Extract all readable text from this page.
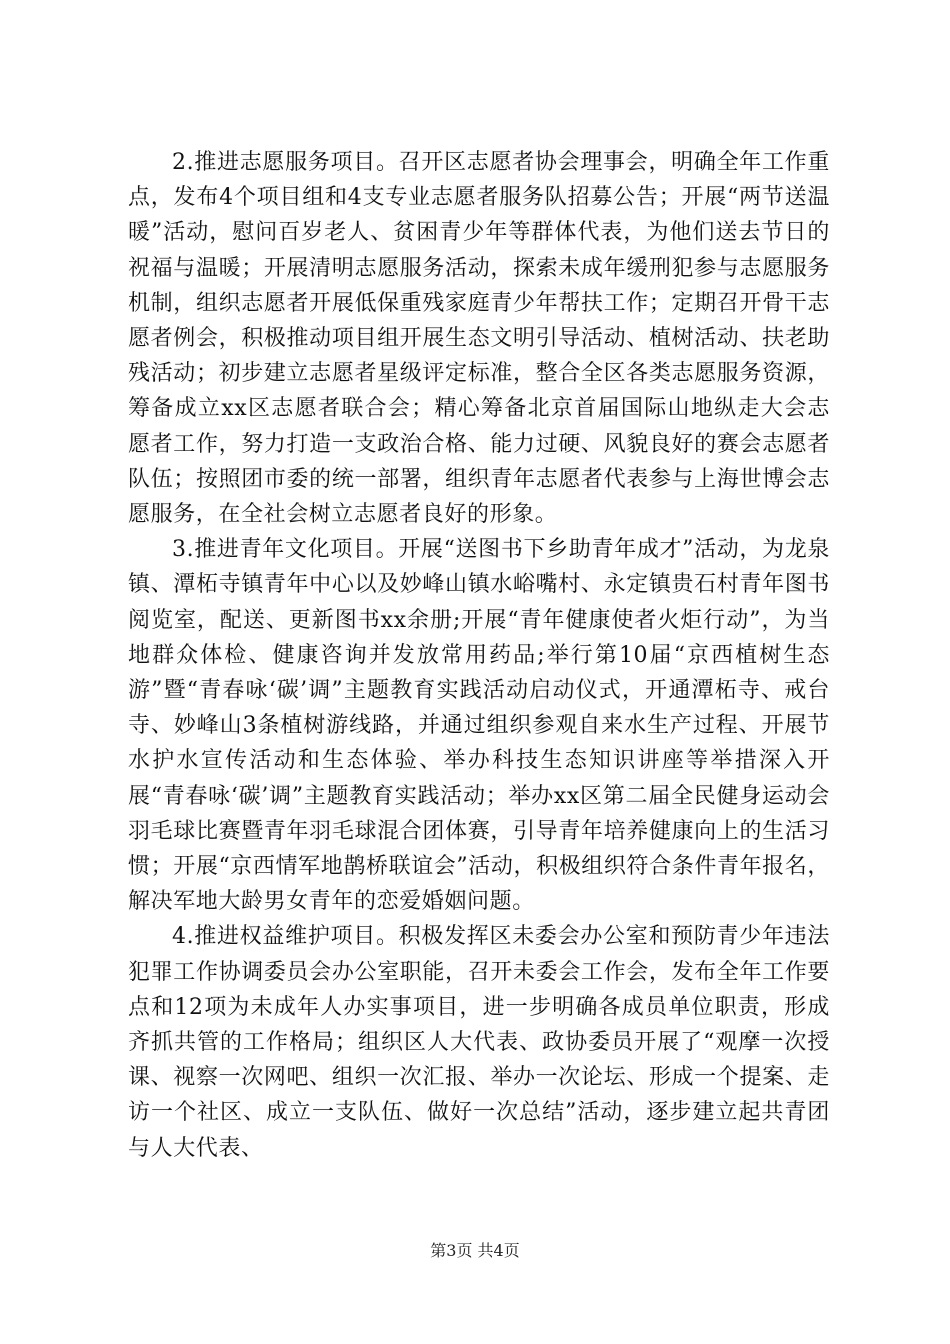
2.推进志愿服务项目。召开区志愿者协会理事会，明确全年工作重点，发布4个项目组和4支专业志愿者服务队招募公告；开展“两节送温暖”活动，慰问百岁老人、贫困青少年等群体代表，为他们送去节日的祝福与温暖；开展清明志愿服务活动，探索未成年缓刑犯参与志愿服务机制，组织志愿者开展低保重残家庭青少年帮扶工作；定期召开骨干志愿者例会，积极推动项目组开展生态文明引导活动、植树活动、扶老助残活动；初步建立志愿者星级评定标准，整合全区各类志愿服务资源，筹备成立xx区志愿者联合会；精心筹备北京首届国际山地纵走大会志愿者工作，努力打造一支政治合格、能力过硬、风貌良好的赛会志愿者队伍；按照团市委的统一部署，组织青年志愿者代表参与上海世博会志愿服务，在全社会树立志愿者良好的形象。

3.推进青年文化项目。开展“送图书下乡助青年成才”活动，为龙泉镇、潭柘寺镇青年中心以及妙峰山镇水峪嘴村、永定镇贵石村青年图书阅览室，配送、更新图书xx余册;开展“青年健康使者火炬行动”，为当地群众体检、健康咨询并发放常用药品;举行第10届“京西植树生态游”暨“青春咏‘碳’调”主题教育实践活动启动仪式，开通潭柘寺、戒台寺、妙峰山3条植树游线路，并通过组织参观自来水生产过程、开展节水护水宣传活动和生态体验、举办科技生态知识讲座等举措深入开展“青春咏‘碳’调”主题教育实践活动；举办xx区第二届全民健身运动会羽毛球比赛暨青年羽毛球混合团体赛，引导青年培养健康向上的生活习惯；开展“京西情军地鹊桥联谊会”活动，积极组织符合条件青年报名，解决军地大龄男女青年的恋爱婚姻问题。

4.推进权益维护项目。积极发挥区未委会办公室和预防青少年违法犯罪工作协调委员会办公室职能，召开未委会工作会，发布全年工作要点和12项为未成年人办实事项目，进一步明确各成员单位职责，形成齐抓共管的工作格局；组织区人大代表、政协委员开展了“观摩一次授课、视察一次网吧、组织一次汇报、举办一次论坛、形成一个提案、走访一个社区、成立一支队伍、做好一次总结”活动，逐步建立起共青团与人大代表、

第3页 共4页
